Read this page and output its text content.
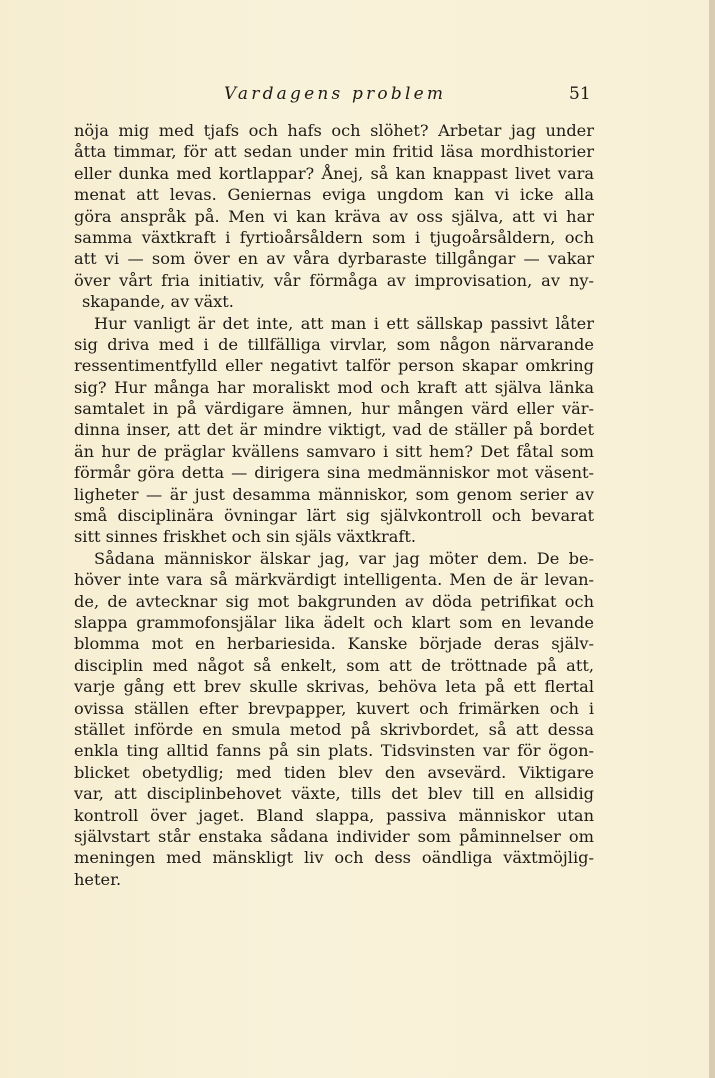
Vardagens problem	51
nöja mig med tjafs och hafs och slöhet? Arbetar jag under
åtta timmar, för att sedan under min fritid läsa mordhistorier
eller dunka med kortlappar? Ånej, så kan knappast livet vara
menat att levas. Geniernas eviga ungdom kan vi icke alla
göra anspråk på. Men vi kan kräva av oss själva, att vi har
samma växtkraft i fyrtioårsåldern som i tjugoårsåldern, och
att vi — som över en av våra dyrbaraste tillgångar — vakar
över vårt fria initiativ, vår förmåga av improvisation, av ny-
skapande, av växt.
Hur vanligt är det inte, att man i ett sällskap passivt låter
sig driva med i de tillfälliga virvlar, som någon närvarande
ressentimentfylld eller negativt talför person skapar omkring
sig? Hur många har moraliskt mod och kraft att själva länka
samtalet in på värdigare ämnen, hur mången värd eller vär-
dinna inser, att det är mindre viktigt, vad de ställer på bordet
än hur de präglar kvällens samvaro i sitt hem? Det fåtal som
förmår göra detta — dirigera sina medmänniskor mot väsent-
ligheter — är just desamma människor, som genom serier av
små disciplinära övningar lärt sig självkontroll och bevarat
sitt sinnes friskhet och sin själs växtkraft.
Sådana människor älskar jag, var jag möter dem. De be-
höver inte vara så märkvärdigt intelligenta. Men de är levan-
de, de avtecknar sig mot bakgrunden av döda petrifikat och
slappa grammofonsjälar lika ädelt och klart som en levande
blomma mot en herbariesida. Kanske började deras själv-
disciplin med något så enkelt, som att de tröttnade på att,
varje gång ett brev skulle skrivas, behöva leta på ett flertal
ovissa ställen efter brevpapper, kuvert och frimärken och i
stället införde en smula metod på skrivbordet, så att dessa
enkla ting alltid fanns på sin plats. Tidsvinsten var för ögon-
blicket obetydlig; med tiden blev den avsevärd. Viktigare
var, att disciplinbehovet växte, tills det blev till en allsidig
kontroll över jaget. Bland slappa, passiva människor utan
självstart står enstaka sådana individer som påminnelser om
meningen med mänskligt liv och dess oändliga växtmöjlig-
heter.
